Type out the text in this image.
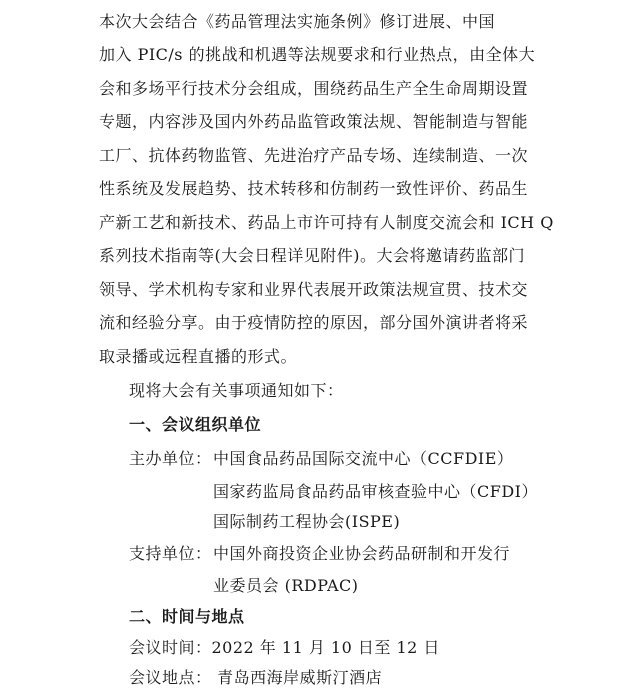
本次大会结合《药品管理法实施条例》修订进展、中国
加入 PIC/s 的挑战和机遇等法规要求和行业热点，由全体大
会和多场平行技术分会组成，围绕药品生产全生命周期设置
专题，内容涉及国内外药品监管政策法规、智能制造与智能
工厂、抗体药物监管、先进治疗产品专场、连续制造、一次
性系统及发展趋势、技术转移和仿制药一致性评价、药品生
产新工艺和新技术、药品上市许可持有人制度交流会和 ICH Q
系列技术指南等(大会日程详见附件)。大会将邀请药监部门
领导、学术机构专家和业界代表展开政策法规宣贯、技术交
流和经验分享。由于疫情防控的原因，部分国外演讲者将采
取录播或远程直播的形式。
现将大会有关事项通知如下：
一、会议组织单位
主办单位： 中国食品药品国际交流中心（CCFDIE）
国家药监局食品药品审核查验中心（CFDI）
国际制药工程协会(ISPE)
支持单位： 中国外商投资企业协会药品研制和开发行
业委员会 (RDPAC)
二、时间与地点
会议时间：2022 年 11 月 10 日至 12 日
会议地点： 青岛西海岸威斯汀酒店
